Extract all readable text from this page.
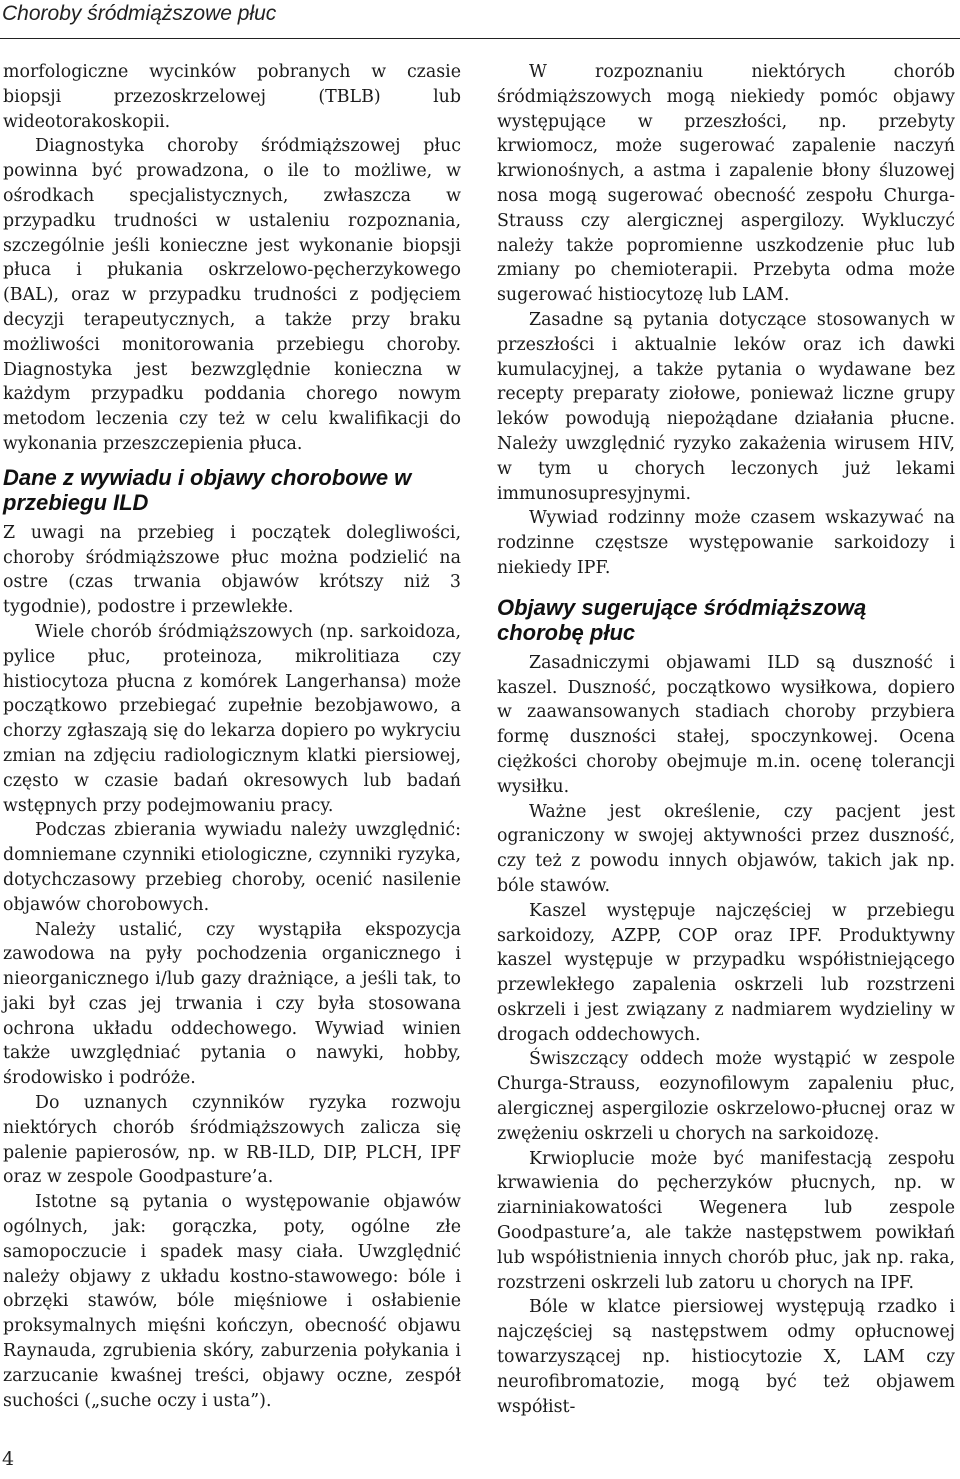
Choroby śródmiąższowe płuc

morfologiczne wycinków pobranych w czasie biopsji przezoskrzelowej (TBLB) lub wideotorakoskopii.

Diagnostyka choroby śródmiąższowej płuc powinna być prowadzona, o ile to możliwe, w ośrodkach specjalistycznych, zwłaszcza w przypadku trudności w ustaleniu rozpoznania, szczególnie jeśli konieczne jest wykonanie biopsji płuca i płukania oskrzelowo-pęcherzykowego (BAL), oraz w przypadku trudności z podjęciem decyzji terapeutycznych, a także przy braku możliwości monitorowania przebiegu choroby. Diagnostyka jest bezwzględnie konieczna w każdym przypadku poddania chorego nowym metodom leczenia czy też w celu kwalifikacji do wykonania przeszczepienia płuca.

Dane z wywiadu i objawy chorobowe w przebiegu ILD

Z uwagi na przebieg i początek dolegliwości, choroby śródmiąższowe płuc można podzielić na ostre (czas trwania objawów krótszy niż 3 tygodnie), podostre i przewlekłe.

Wiele chorób śródmiąższowych (np. sarkoidoza, pylice płuc, proteinoza, mikrolitiaza czy histiocytoza płucna z komórek Langerhansa) może początkowo przebiegać zupełnie bezobjawowo, a chorzy zgłaszają się do lekarza dopiero po wykryciu zmian na zdjęciu radiologicznym klatki piersiowej, często w czasie badań okresowych lub badań wstępnych przy podejmowaniu pracy.

Podczas zbierania wywiadu należy uwzględnić: domniemane czynniki etiologiczne, czynniki ryzyka, dotychczasowy przebieg choroby, ocenić nasilenie objawów chorobowych.

Należy ustalić, czy wystąpiła ekspozycja zawodowa na pyły pochodzenia organicznego i nieorganicznego i/lub gazy drażniące, a jeśli tak, to jaki był czas jej trwania i czy była stosowana ochrona układu oddechowego. Wywiad winien także uwzględniać pytania o nawyki, hobby, środowisko i podróże.

Do uznanych czynników ryzyka rozwoju niektórych chorób śródmiąższowych zalicza się palenie papierosów, np. w RB-ILD, DIP, PLCH, IPF oraz w zespole Goodpasture’a.

Istotne są pytania o występowanie objawów ogólnych, jak: gorączka, poty, ogólne złe samopoczucie i spadek masy ciała. Uwzględnić należy objawy z układu kostno-stawowego: bóle i obrzęki stawów, bóle mięśniowe i osłabienie proksymalnych mięśni kończyn, obecność objawu Raynauda, zgrubienia skóry, zaburzenia połykania i zarzucanie kwaśnej treści, objawy oczne, zespół suchości („suche oczy i usta”).

W rozpoznaniu niektórych chorób śródmiąższowych mogą niekiedy pomóc objawy występujące w przeszłości, np. przebyty krwiomocz, może sugerować zapalenie naczyń krwionośnych, a astma i zapalenie błony śluzowej nosa mogą sugerować obecność zespołu Churga-Strauss czy alergicznej aspergilozy. Wykluczyć należy także popromienne uszkodzenie płuc lub zmiany po chemioterapii. Przebyta odma może sugerować histiocytozę lub LAM.

Zasadne są pytania dotyczące stosowanych w przeszłości i aktualnie leków oraz ich dawki kumulacyjnej, a także pytania o wydawane bez recepty preparaty ziołowe, ponieważ liczne grupy leków powodują niepożądane działania płucne. Należy uwzględnić ryzyko zakażenia wirusem HIV, w tym u chorych leczonych już lekami immunosupresyjnymi.

Wywiad rodzinny może czasem wskazywać na rodzinne częstsze występowanie sarkoidozy i niekiedy IPF.

Objawy sugerujące śródmiąższową chorobę płuc

Zasadniczymi objawami ILD są duszność i kaszel. Duszność, początkowo wysiłkowa, dopiero w zaawansowanych stadiach choroby przybiera formę duszności stałej, spoczynkowej. Ocena ciężkości choroby obejmuje m.in. ocenę tolerancji wysiłku.

Ważne jest określenie, czy pacjent jest ograniczony w swojej aktywności przez duszność, czy też z powodu innych objawów, takich jak np. bóle stawów.

Kaszel występuje najczęściej w przebiegu sarkoidozy, AZPP, COP oraz IPF. Produktywny kaszel występuje w przypadku współistniejącego przewlekłego zapalenia oskrzeli lub rozstrzeni oskrzeli i jest związany z nadmiarem wydzieliny w drogach oddechowych.

Świszczący oddech może wystąpić w zespole Churga-Strauss, eozynofilowym zapaleniu płuc, alergicznej aspergilozie oskrzelowo-płucnej oraz w zwężeniu oskrzeli u chorych na sarkoidozę.

Krwioplucie może być manifestacją zespołu krwawienia do pęcherzyków płucnych, np. w ziarniniakowatości Wegenera lub zespole Goodpasture’a, ale także następstwem powikłań lub współistnienia innych chorób płuc, jak np. raka, rozstrzeni oskrzeli lub zatoru u chorych na IPF.

Bóle w klatce piersiowej występują rzadko i najczęściej są następstwem odmy opłucnowej towarzyszącej np. histiocytozie X, LAM czy neurofibromatozie, mogą być też objawem współist-

4
